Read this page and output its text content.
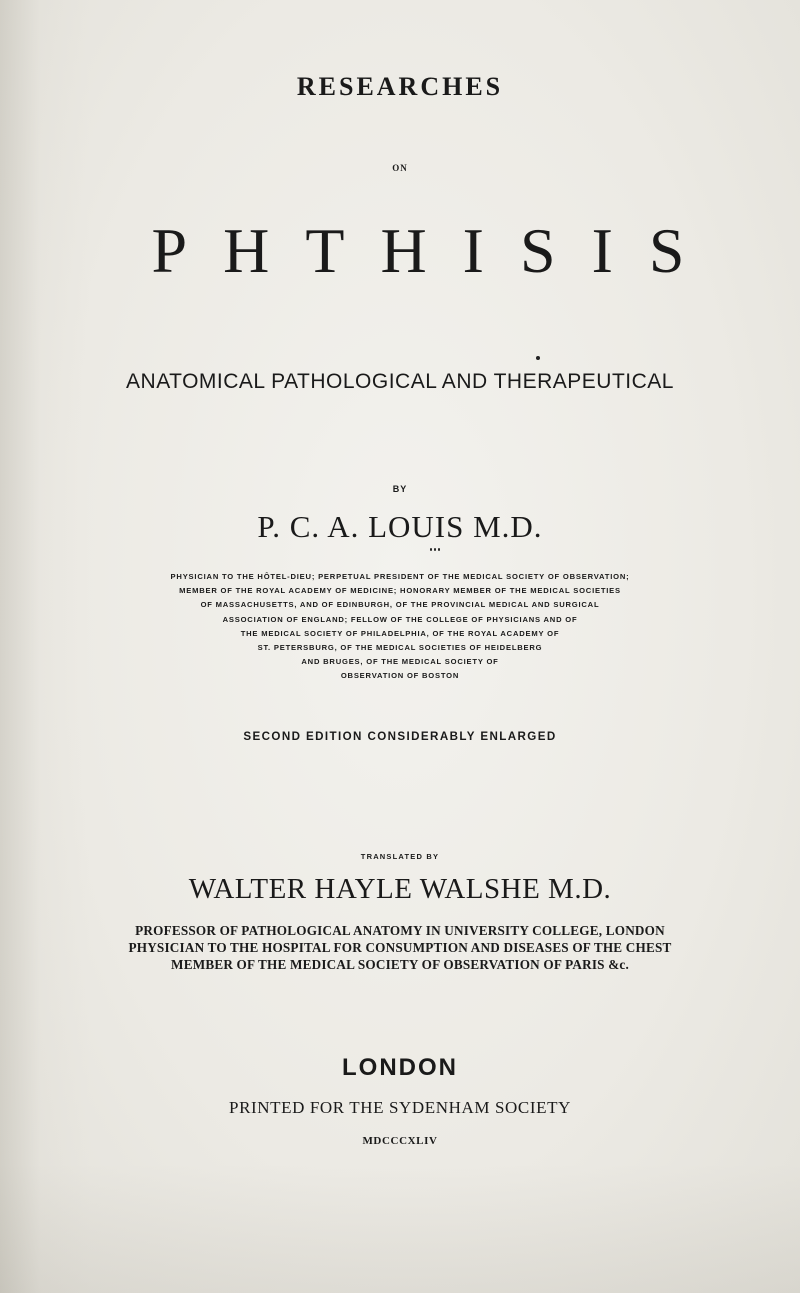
RESEARCHES
ON
PHTHISIS
ANATOMICAL PATHOLOGICAL AND THERAPEUTICAL
BY
P. C. A. LOUIS M.D.
PHYSICIAN TO THE HÔTEL-DIEU; PERPETUAL PRESIDENT OF THE MEDICAL SOCIETY OF OBSERVATION;
MEMBER OF THE ROYAL ACADEMY OF MEDICINE; HONORARY MEMBER OF THE MEDICAL SOCIETIES
OF MASSACHUSETTS, AND OF EDINBURGH, OF THE PROVINCIAL MEDICAL AND SURGICAL
ASSOCIATION OF ENGLAND; FELLOW OF THE COLLEGE OF PHYSICIANS AND OF
THE MEDICAL SOCIETY OF PHILADELPHIA, OF THE ROYAL ACADEMY OF
ST. PETERSBURG, OF THE MEDICAL SOCIETIES OF HEIDELBERG
AND BRUGES, OF THE MEDICAL SOCIETY OF
OBSERVATION OF BOSTON
SECOND EDITION CONSIDERABLY ENLARGED
TRANSLATED BY
WALTER HAYLE WALSHE M.D.
PROFESSOR OF PATHOLOGICAL ANATOMY IN UNIVERSITY COLLEGE, LONDON
PHYSICIAN TO THE HOSPITAL FOR CONSUMPTION AND DISEASES OF THE CHEST
MEMBER OF THE MEDICAL SOCIETY OF OBSERVATION OF PARIS &c.
LONDON
PRINTED FOR THE SYDENHAM SOCIETY
MDCCCXLIV
